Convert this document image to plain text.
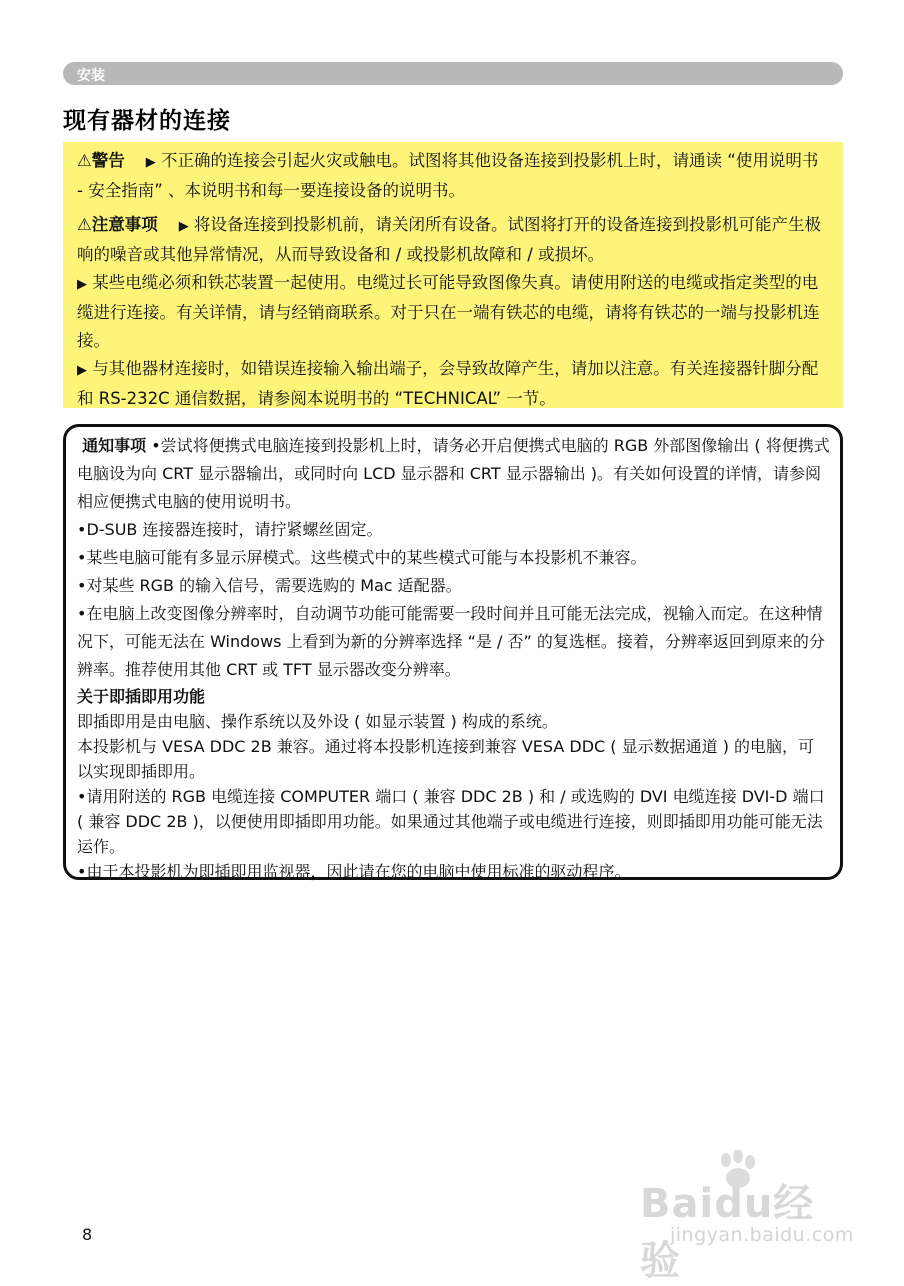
安装
现有器材的连接

⚠警告 ▶ 不正确的连接会引起火灾或触电。试图将其他设备连接到投影机上时，请通读 “使用说明书 - 安全指南” 、本说明书和每一要连接设备的说明书。

⚠注意事项 ▶ 将设备连接到投影机前，请关闭所有设备。试图将打开的设备连接到投影机可能产生极响的噪音或其他异常情况，从而导致设备和 / 或投影机故障和 / 或损坏。

▶ 某些电缆必须和铁芯装置一起使用。电缆过长可能导致图像失真。请使用附送的电缆或指定类型的电缆进行连接。有关详情，请与经销商联系。对于只在一端有铁芯的电缆，请将有铁芯的一端与投影机连接。

▶ 与其他器材连接时，如错误连接输入输出端子，会导致故障产生，请加以注意。有关连接器针脚分配和 RS-232C 通信数据，请参阅本说明书的 “TECHNICAL” 一节。

通知事项 •尝试将便携式电脑连接到投影机上时，请务必开启便携式电脑的 RGB 外部图像输出 ( 将便携式电脑设为向 CRT 显示器输出，或同时向 LCD 显示器和 CRT 显示器输出 )。有关如何设置的详情，请参阅相应便携式电脑的使用说明书。

•D-SUB 连接器连接时，请拧紧螺丝固定。

•某些电脑可能有多显示屏模式。这些模式中的某些模式可能与本投影机不兼容。

•对某些 RGB 的输入信号，需要选购的 Mac 适配器。

•在电脑上改变图像分辨率时，自动调节功能可能需要一段时间并且可能无法完成，视输入而定。在这种情况下，可能无法在 Windows 上看到为新的分辨率选择 “是 / 否” 的复选框。接着，分辨率返回到原来的分辨率。推荐使用其他 CRT 或 TFT 显示器改变分辨率。

关于即插即用功能

即插即用是由电脑、操作系统以及外设 ( 如显示装置 ) 构成的系统。

本投影机与 VESA DDC 2B 兼容。通过将本投影机连接到兼容 VESA DDC ( 显示数据通道 ) 的电脑，可以实现即插即用。

•请用附送的 RGB 电缆连接 COMPUTER 端口 ( 兼容 DDC 2B ) 和 / 或选购的 DVI 电缆连接 DVI-D 端口 ( 兼容 DDC 2B )，以便使用即插即用功能。如果通过其他端子或电缆进行连接，则即插即用功能可能无法运作。

•由于本投影机为即插即用监视器，因此请在您的电脑中使用标准的驱动程序。

8
Baidu经验
jingyan.baidu.com
